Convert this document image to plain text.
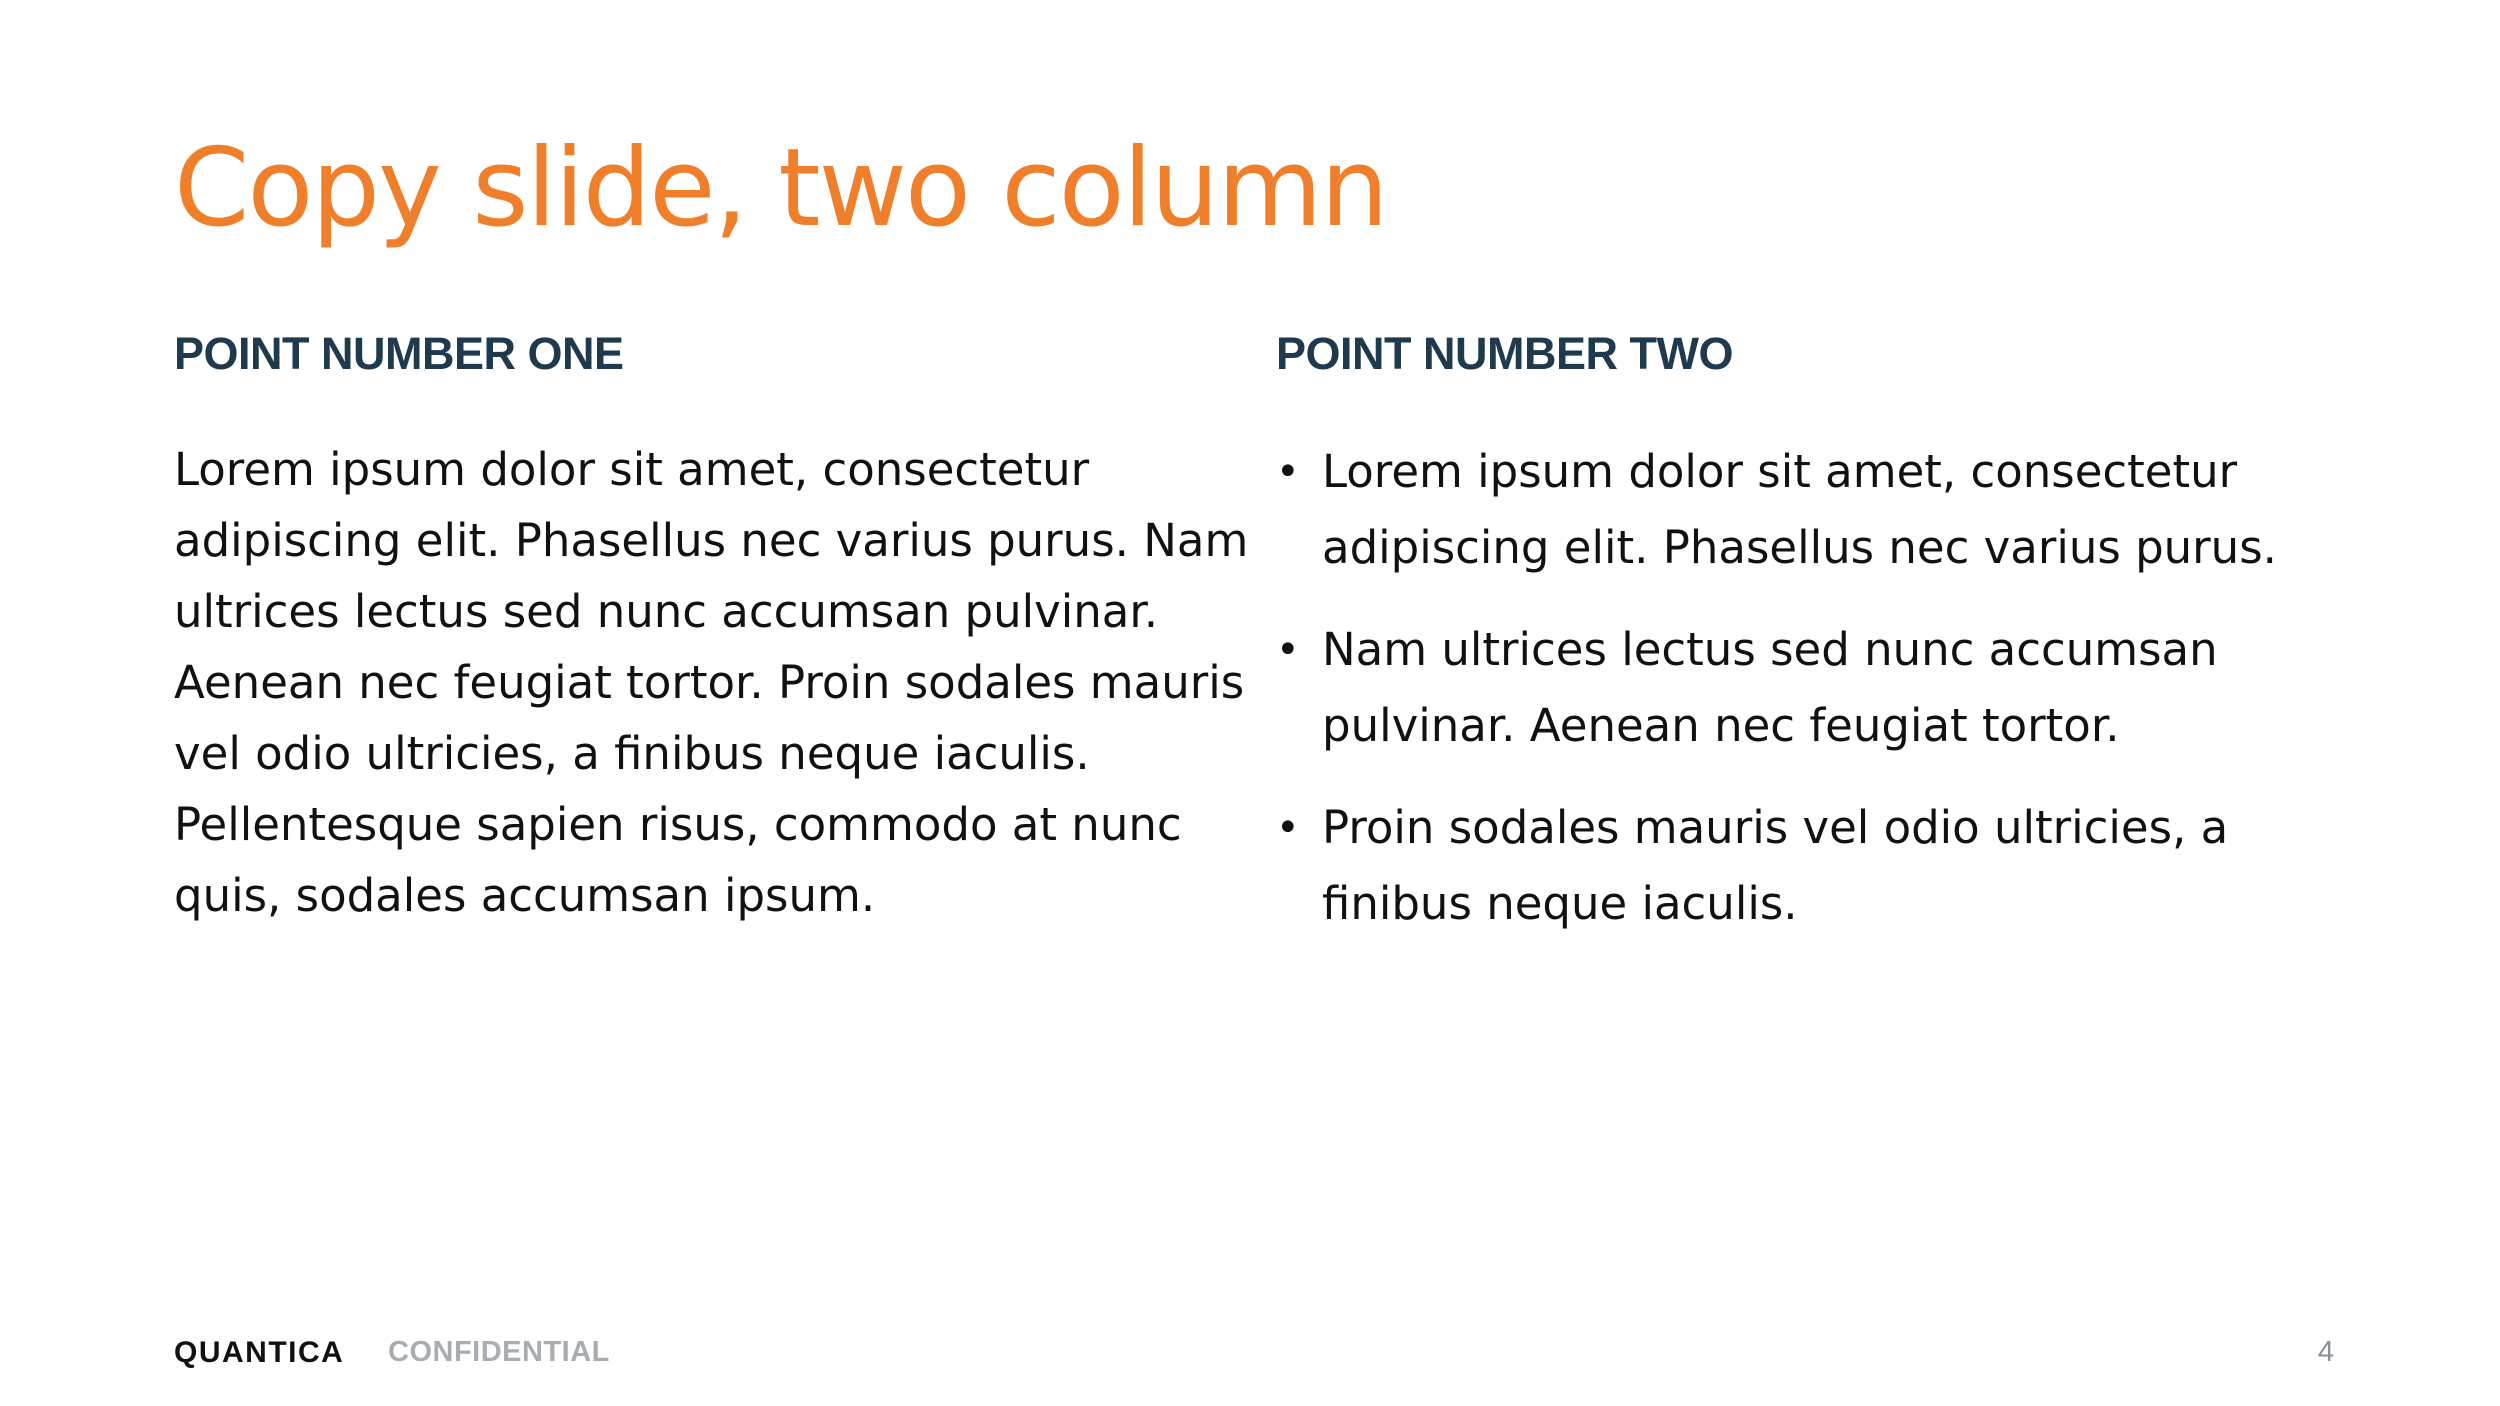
Copy slide, two column
POINT NUMBER ONE

Lorem ipsum dolor sit amet, consectetur adipiscing elit. Phasellus nec varius purus. Nam ultrices lectus sed nunc accumsan pulvinar. Aenean nec feugiat tortor. Proin sodales mauris vel odio ultricies, a finibus neque iaculis. Pellentesque sapien risus, commodo at nunc quis, sodales accumsan ipsum.

POINT NUMBER TWO
• Lorem ipsum dolor sit amet, consectetur adipiscing elit. Phasellus nec varius purus.
• Nam ultrices lectus sed nunc accumsan pulvinar. Aenean nec feugiat tortor.
• Proin sodales mauris vel odio ultricies, a finibus neque iaculis.
QUANTICA CONFIDENTIAL	4
